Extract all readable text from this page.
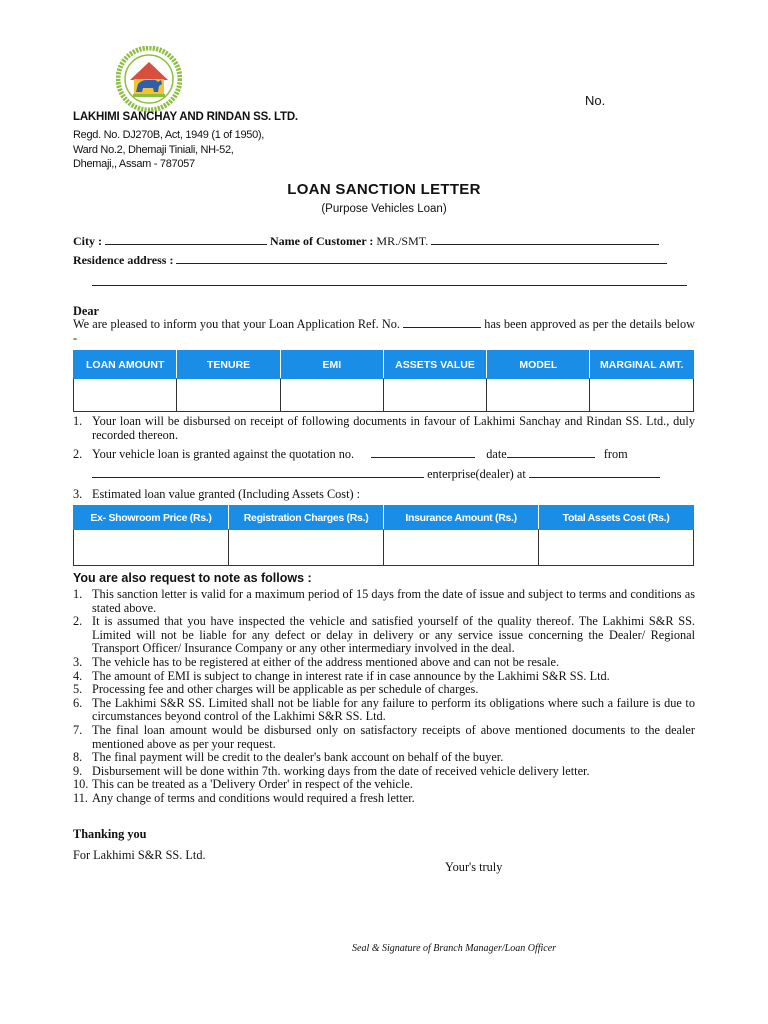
LAKHIMI SANCHAY AND RINDAN SS. LTD.
Regd. No. DJ270B, Act, 1949 (1 of 1950),
Ward No.2, Dhemaji Tiniali, NH-52,
Dhemaji,, Assam - 787057
No.
LOAN SANCTION LETTER
(Purpose Vehicles Loan)
City :	Name of Customer : MR./SMT.
Residence address :
Dear
We are pleased to inform you that your Loan Application Ref. No.	has been approved as per the details below -
LOAN AMOUNT	TENURE	EMI	ASSETS VALUE	MODEL	MARGINAL AMT.

1. Your loan will be disbursed on receipt of following documents in favour of Lakhimi Sanchay and Rindan SS. Ltd., duly recorded thereon.
2. Your vehicle loan is granted against the quotation no.	date	from
enterprise(dealer) at
3. Estimated loan value granted (Including Assets Cost) :
Ex- Showroom Price (Rs.)	Registration Charges (Rs.)	Insurance Amount (Rs.)	Total Assets Cost (Rs.)

You are also request to note as follows :
1. This sanction letter is valid for a maximum period of 15 days from the date of issue and subject to terms and conditions as stated above.
2. It is assumed that you have inspected the vehicle and satisfied yourself of the quality thereof. The Lakhimi S&R SS. Limited will not be liable for any defect or delay in delivery or any service issue concerning the Dealer/ Regional Transport Officer/ Insurance Company or any other intermediary involved in the deal.
3. The vehicle has to be registered at either of the address mentioned above and can not be resale.
4. The amount of EMI is subject to change in interest rate if in case announce by the Lakhimi S&R SS. Ltd.
5. Processing fee and other charges will be applicable as per schedule of charges.
6. The Lakhimi S&R SS. Limited shall not be liable for any failure to perform its obligations where such a failure is due to circumstances beyond control of the Lakhimi S&R SS. Ltd.
7. The final loan amount would be disbursed only on satisfactory receipts of above mentioned documents to the dealer mentioned above as per your request.
8. The final payment will be credit to the dealer's bank account on behalf of the buyer.
9. Disbursement will be done within 7th. working days from the date of received vehicle delivery letter.
10. This can be treated as a 'Delivery Order' in respect of the vehicle.
11. Any change of terms and conditions would required a fresh letter.
Thanking you
For Lakhimi S&R SS. Ltd.
Your's truly
Seal & Signature of Branch Manager/Loan Officer
